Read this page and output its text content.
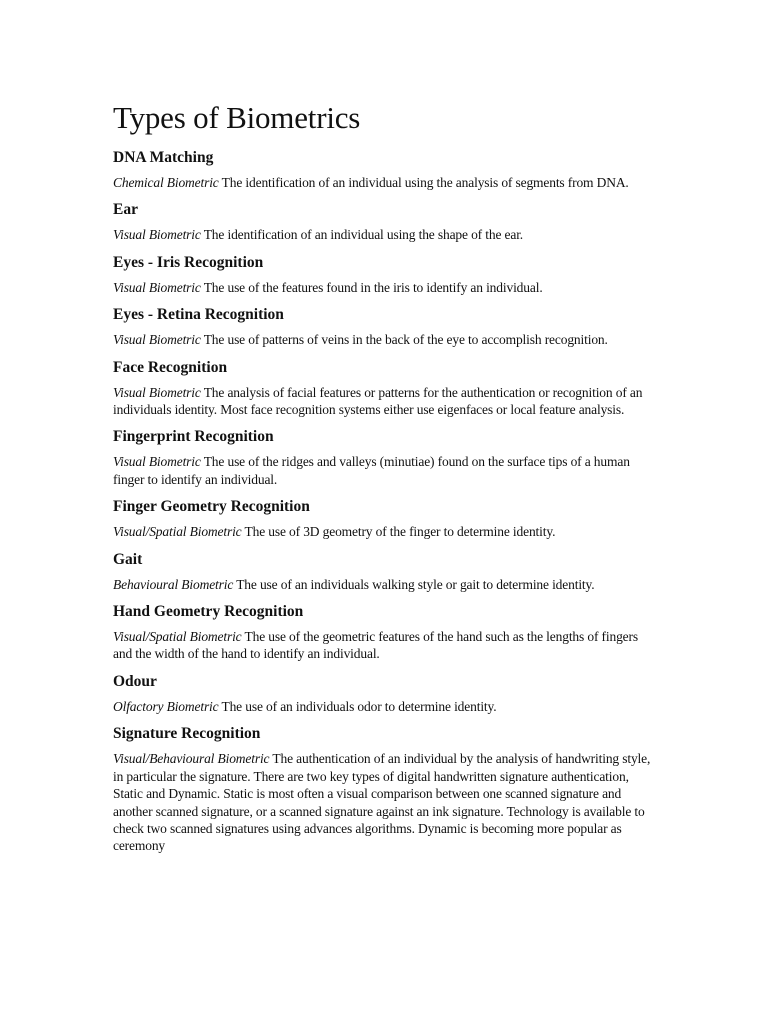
Types of Biometrics
DNA Matching

Chemical Biometric The identification of an individual using the analysis of segments from DNA.

Ear

Visual Biometric The identification of an individual using the shape of the ear.

Eyes - Iris Recognition

Visual Biometric The use of the features found in the iris to identify an individual.

Eyes - Retina Recognition

Visual Biometric The use of patterns of veins in the back of the eye to accomplish recognition.

Face Recognition

Visual Biometric The analysis of facial features or patterns for the authentication or recognition of an individuals identity. Most face recognition systems either use eigenfaces or local feature analysis.

Fingerprint Recognition

Visual Biometric The use of the ridges and valleys (minutiae) found on the surface tips of a human finger to identify an individual.

Finger Geometry Recognition

Visual/Spatial Biometric The use of 3D geometry of the finger to determine identity.

Gait

Behavioural Biometric The use of an individuals walking style or gait to determine identity.

Hand Geometry Recognition

Visual/Spatial Biometric The use of the geometric features of the hand such as the lengths of fingers and the width of the hand to identify an individual.

Odour

Olfactory Biometric The use of an individuals odor to determine identity.

Signature Recognition

Visual/Behavioural Biometric The authentication of an individual by the analysis of handwriting style, in particular the signature. There are two key types of digital handwritten signature authentication, Static and Dynamic. Static is most often a visual comparison between one scanned signature and another scanned signature, or a scanned signature against an ink signature. Technology is available to check two scanned signatures using advances algorithms. Dynamic is becoming more popular as ceremony
